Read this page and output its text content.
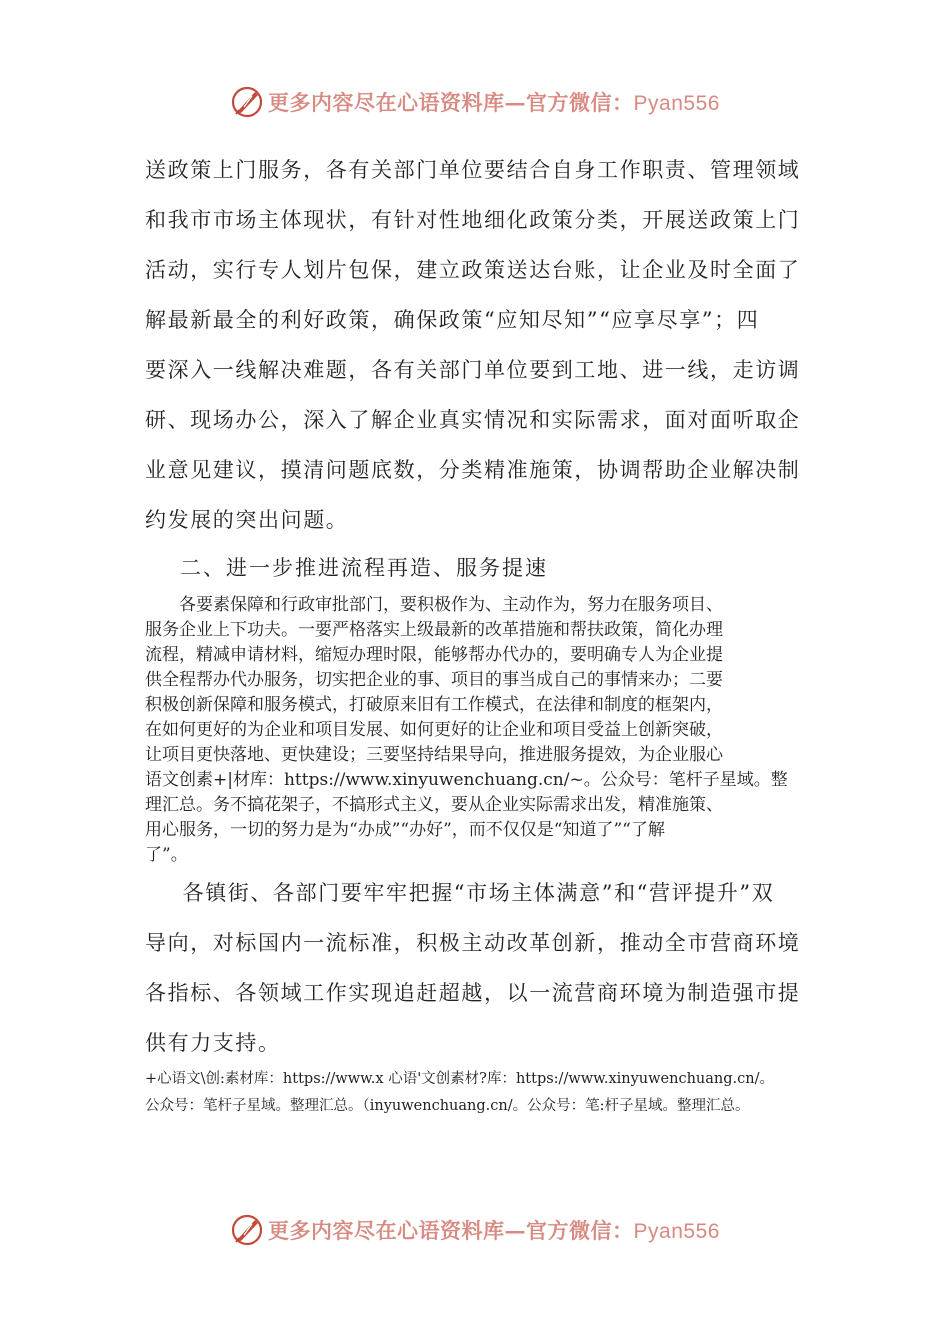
更多内容尽在心语资料库—官方微信：Pyan556
送政策上门服务，各有关部门单位要结合自身工作职责、管理领域
和我市市场主体现状，有针对性地细化政策分类，开展送政策上门
活动，实行专人划片包保，建立政策送达台账，让企业及时全面了
解最新最全的利好政策，确保政策“应知尽知”“应享尽享”；四
要深入一线解决难题，各有关部门单位要到工地、进一线，走访调
研、现场办公，深入了解企业真实情况和实际需求，面对面听取企
业意见建议，摸清问题底数，分类精准施策，协调帮助企业解决制
约发展的突出问题。
二、进一步推进流程再造、服务提速
　　各要素保障和行政审批部门，要积极作为、主动作为，努力在服务项目、
服务企业上下功夫。一要严格落实上级最新的改革措施和帮扶政策，简化办理
流程，精减申请材料，缩短办理时限，能够帮办代办的，要明确专人为企业提
供全程帮办代办服务，切实把企业的事、项目的事当成自己的事情来办；二要
积极创新保障和服务模式，打破原来旧有工作模式，在法律和制度的框架内，
在如何更好的为企业和项目发展、如何更好的让企业和项目受益上创新突破，
让项目更快落地、更快建设；三要坚持结果导向，推进服务提效，为企业服心
语文创素+|材库：https://www.xinyuwenchuang.cn/~。公众号：笔杆子星域。整
理汇总。务不搞花架子，不搞形式主义，要从企业实际需求出发，精准施策、
用心服务，一切的努力是为“办成”“办好”，而不仅仅是“知道了”“了解
了”。
　各镇街、各部门要牢牢把握“市场主体满意”和“营评提升”双
导向，对标国内一流标准，积极主动改革创新，推动全市营商环境
各指标、各领域工作实现追赶超越，以一流营商环境为制造强市提
供有力支持。
+心语文\创:素材库：https://www.x 心语'文创素材?库：https://www.xinyuwenchuang.cn/。
公众号：笔杆子星域。整理汇总。（inyuwenchuang.cn/。公众号：笔:杆子星域。整理汇总。
更多内容尽在心语资料库—官方微信：Pyan556
